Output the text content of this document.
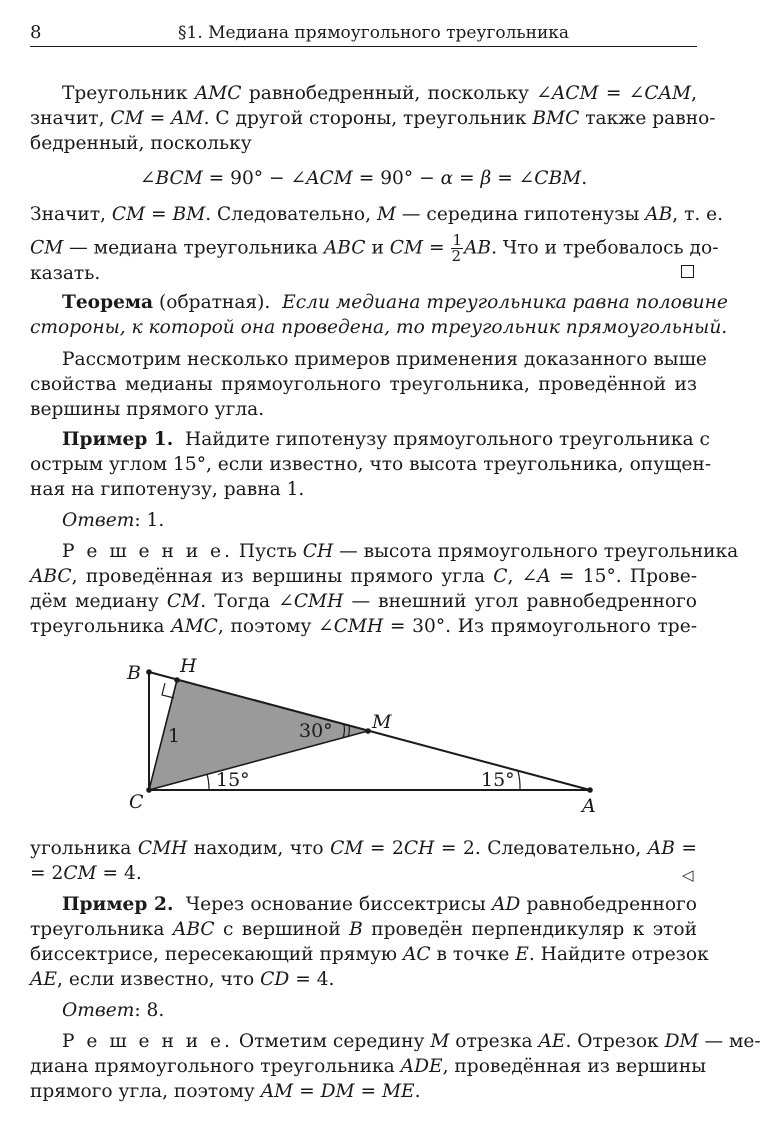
8	§1. Медиана прямоугольного треугольника
Треугольник AMC равнобедренный, поскольку ∠ACM = ∠CAM,
значит, CM = AM. С другой стороны, треугольник BMC также равно-
бедренный, поскольку
∠BCM = 90° − ∠ACM = 90° − α = β = ∠CBM.
Значит, CM = BM. Следовательно, M — середина гипотенузы AB, т. е.
CM — медиана треугольника ABC и CM = $\frac{1}{2}$ AB. Что и требовалось до-
казать.
Теорема (обратная). Если медиана треугольника равна половине
стороны, к которой она проведена, то треугольник прямоугольный.
Рассмотрим несколько примеров применения доказанного выше
свойства медианы прямоугольного треугольника, проведённой из
вершины прямого угла.
Пример 1. Найдите гипотенузу прямоугольного треугольника с
острым углом 15°, если известно, что высота треугольника, опущен-
ная на гипотенузу, равна 1.
Ответ: 1.
Р е ш е н и е. Пусть CH — высота прямоугольного треугольника
ABC, проведённая из вершины прямого угла C, ∠A = 15°. Прове-
дём медиану CM. Тогда ∠CMH — внешний угол равнобедренного
треугольника AMC, поэтому ∠CMH = 30°. Из прямоугольного тре-
B H
M
C	A
1	30°
15°	15°
угольника CMH находим, что CM = 2CH = 2. Следовательно, AB =
= 2CM = 4.	◁
Пример 2. Через основание биссектрисы AD равнобедренного
треугольника ABC с вершиной B проведён перпендикуляр к этой
биссектрисе, пересекающий прямую AC в точке E. Найдите отрезок
AE, если известно, что CD = 4.
Ответ: 8.
Р е ш е н и е. Отметим середину M отрезка AE. Отрезок DM — ме-
диана прямоугольного треугольника ADE, проведённая из вершины
прямого угла, поэтому AM = DM = ME.
